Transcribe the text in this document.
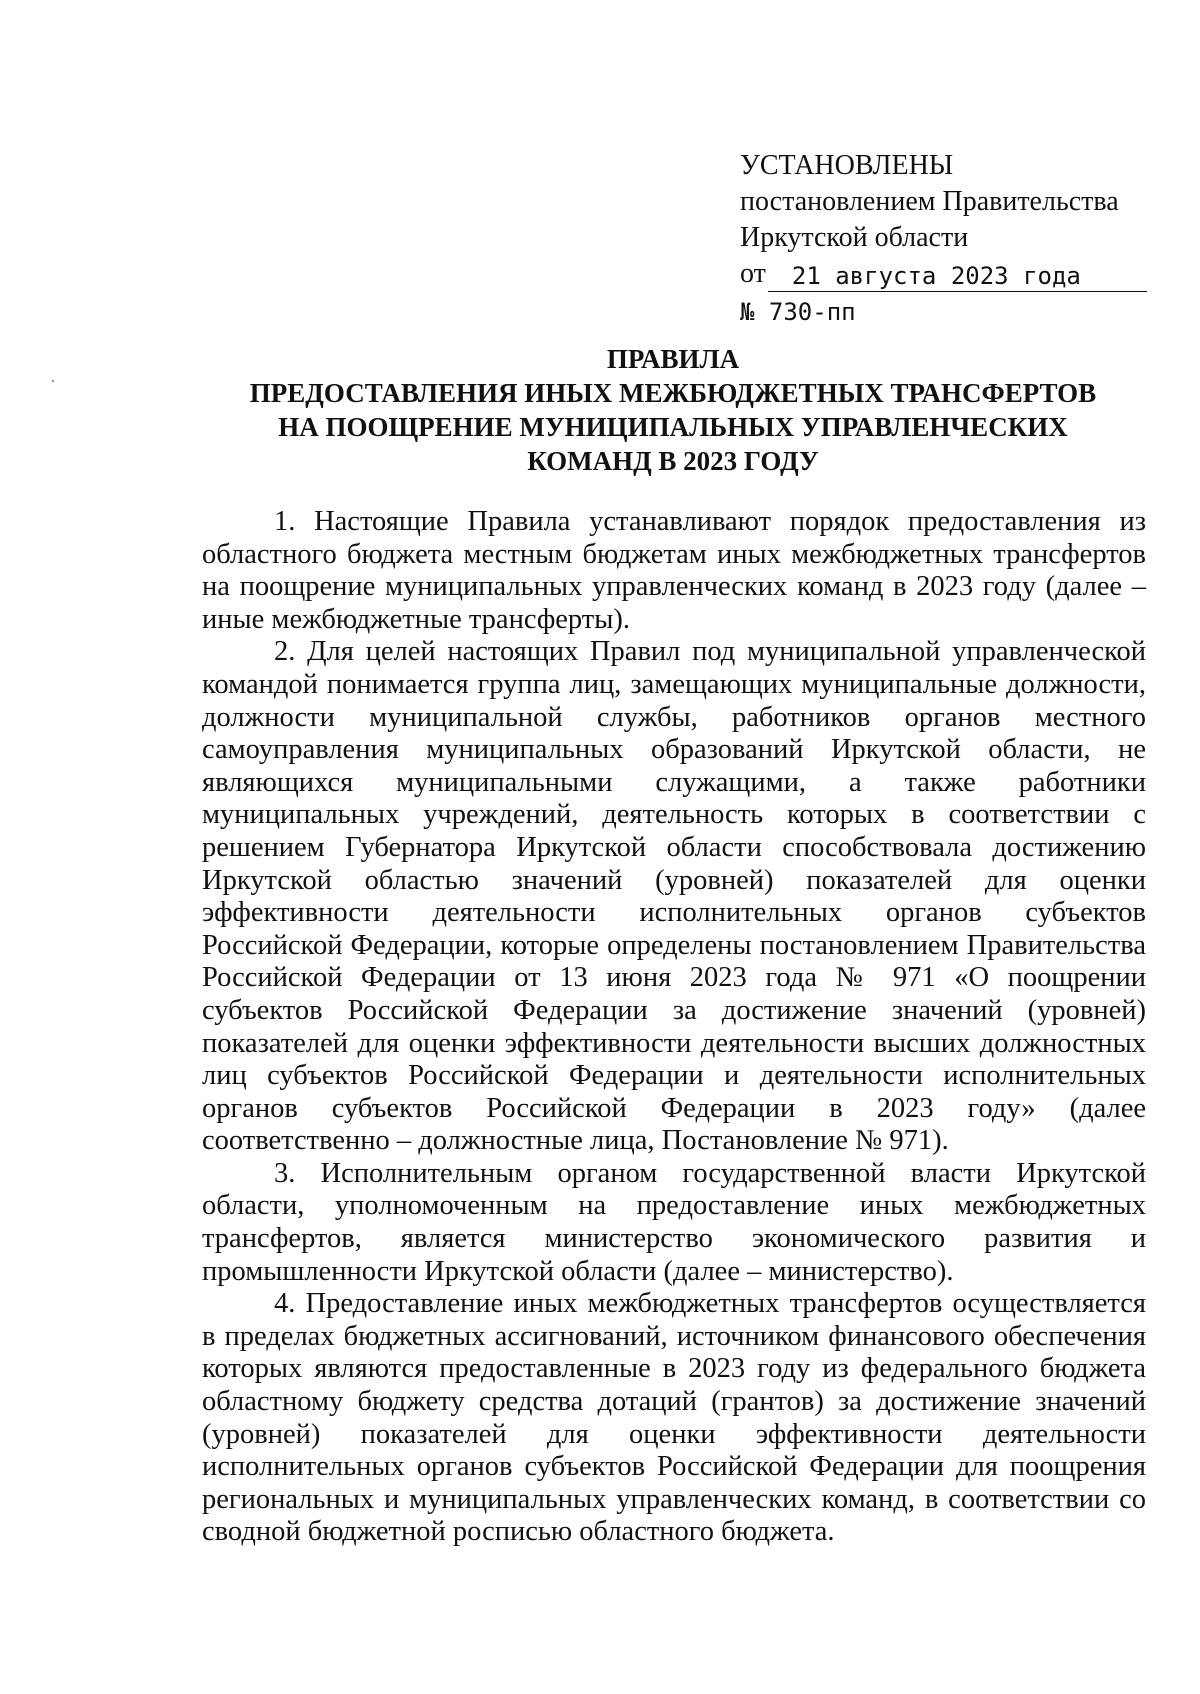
УСТАНОВЛЕНЫ
постановлением Правительства
Иркутской области
от	21 августа 2023 года
№ 730-пп
ПРАВИЛА
ПРЕДОСТАВЛЕНИЯ ИНЫХ МЕЖБЮДЖЕТНЫХ ТРАНСФЕРТОВ
НА ПООЩРЕНИЕ МУНИЦИПАЛЬНЫХ УПРАВЛЕНЧЕСКИХ
КОМАНД В 2023 ГОДУ

1. Настоящие Правила устанавливают порядок предоставления из областного бюджета местным бюджетам иных межбюджетных трансфертов на поощрение муниципальных управленческих команд в 2023 году (далее – иные межбюджетные трансферты).

2. Для целей настоящих Правил под муниципальной управленческой командой понимается группа лиц, замещающих муниципальные должности, должности муниципальной службы, работников органов местного самоуправления муниципальных образований Иркутской области, не являющихся муниципальными служащими, а также работники муниципальных учреждений, деятельность которых в соответствии с решением Губернатора Иркутской области способствовала достижению Иркутской областью значений (уровней) показателей для оценки эффективности деятельности исполнительных органов субъектов Российской Федерации, которые определены постановлением Правительства Российской Федерации от 13 июня 2023 года № 971 «О поощрении субъектов Российской Федерации за достижение значений (уровней) показателей для оценки эффективности деятельности высших должностных лиц субъектов Российской Федерации и деятельности исполнительных органов субъектов Российской Федерации в 2023 году» (далее соответственно – должностные лица, Постановление № 971).

3. Исполнительным органом государственной власти Иркутской области, уполномоченным на предоставление иных межбюджетных трансфертов, является министерство экономического развития и промышленности Иркутской области (далее – министерство).

4. Предоставление иных межбюджетных трансфертов осуществляется в пределах бюджетных ассигнований, источником финансового обеспечения которых являются предоставленные в 2023 году из федерального бюджета областному бюджету средства дотаций (грантов) за достижение значений (уровней) показателей для оценки эффективности деятельности исполнительных органов субъектов Российской Федерации для поощрения региональных и муниципальных управленческих команд, в соответствии со сводной бюджетной росписью областного бюджета.
